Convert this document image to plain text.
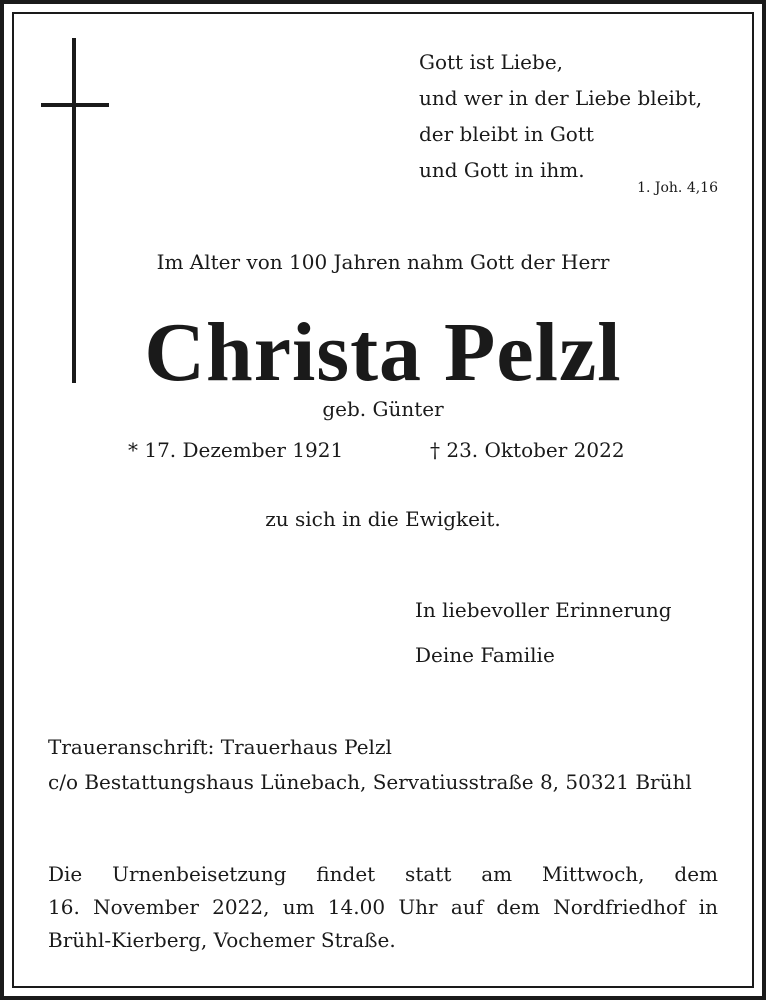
Gott ist Liebe,
und wer in der Liebe bleibt,
der bleibt in Gott
und Gott in ihm.
1. Joh. 4,16
Im Alter von 100 Jahren nahm Gott der Herr
Christa Pelzl
geb. Günter
* 17. Dezember 1921	† 23. Oktober 2022
zu sich in die Ewigkeit.
In liebevoller Erinnerung
Deine Familie
Traueranschrift: Trauerhaus Pelzl
c/o Bestattungshaus Lünebach, Servatiusstraße 8, 50321 Brühl
Die Urnenbeisetzung findet statt am Mittwoch, dem
16. November 2022, um 14.00 Uhr auf dem Nordfriedhof in
Brühl-Kierberg, Vochemer Straße.
